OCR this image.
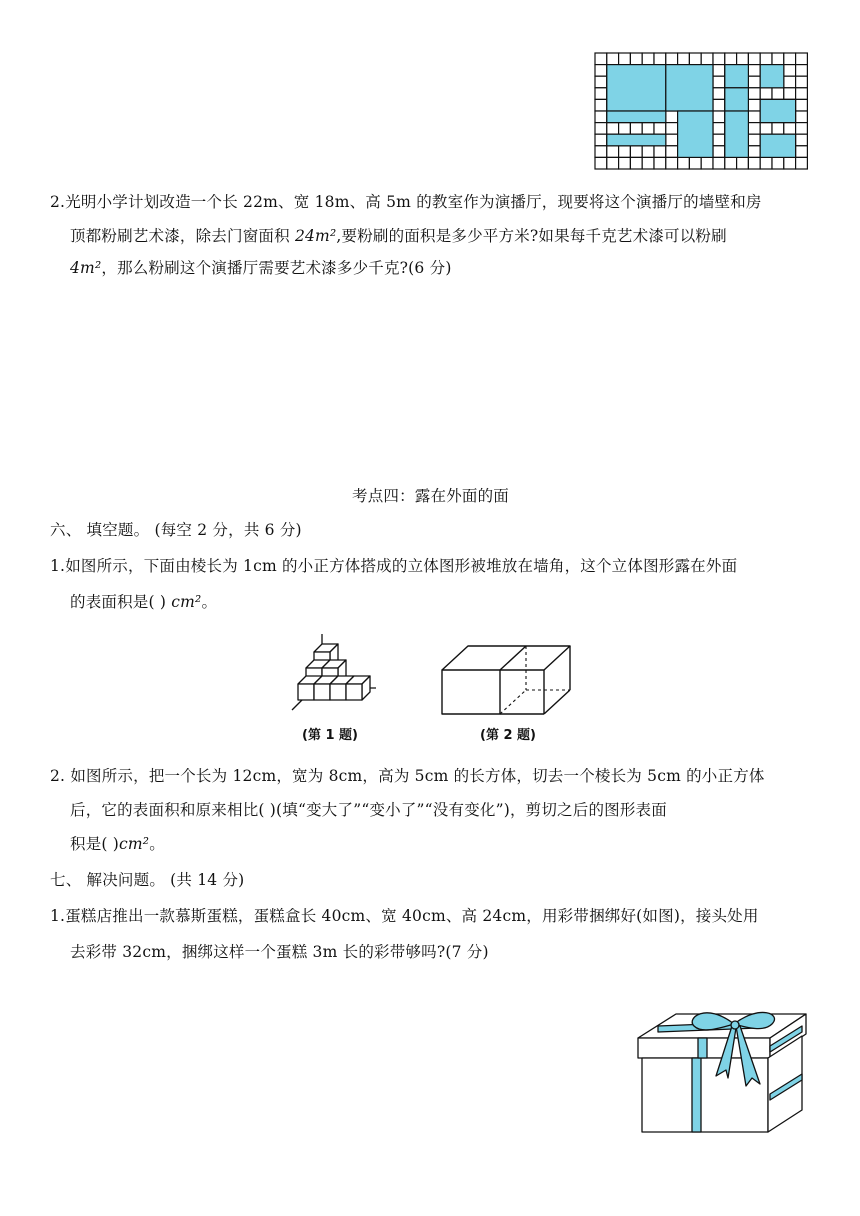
2.光明小学计划改造一个长 22m、宽 18m、高 5m 的教室作为演播厅，现要将这个演播厅的墙壁和房
顶都粉刷艺术漆，除去门窗面积 24m²,要粉刷的面积是多少平方米?如果每千克艺术漆可以粉刷
4m²，那么粉刷这个演播厅需要艺术漆多少千克?(6 分)
考点四：露在外面的面
六、 填空题。 (每空 2 分，共 6 分)
1.如图所示，下面由棱长为 1cm 的小正方体搭成的立体图形被堆放在墙角，这个立体图形露在外面
的表面积是( ) cm²。
(第 1 题)	(第 2 题)
2. 如图所示，把一个长为 12cm，宽为 8cm，高为 5cm 的长方体，切去一个棱长为 5cm 的小正方体
后，它的表面积和原来相比( )(填“变大了”“变小了”“没有变化”)，剪切之后的图形表面
积是( )cm²。
七、 解决问题。 (共 14 分)
1.蛋糕店推出一款慕斯蛋糕，蛋糕盒长 40cm、宽 40cm、高 24cm，用彩带捆绑好(如图)，接头处用
去彩带 32cm，捆绑这样一个蛋糕 3m 长的彩带够吗?(7 分)
